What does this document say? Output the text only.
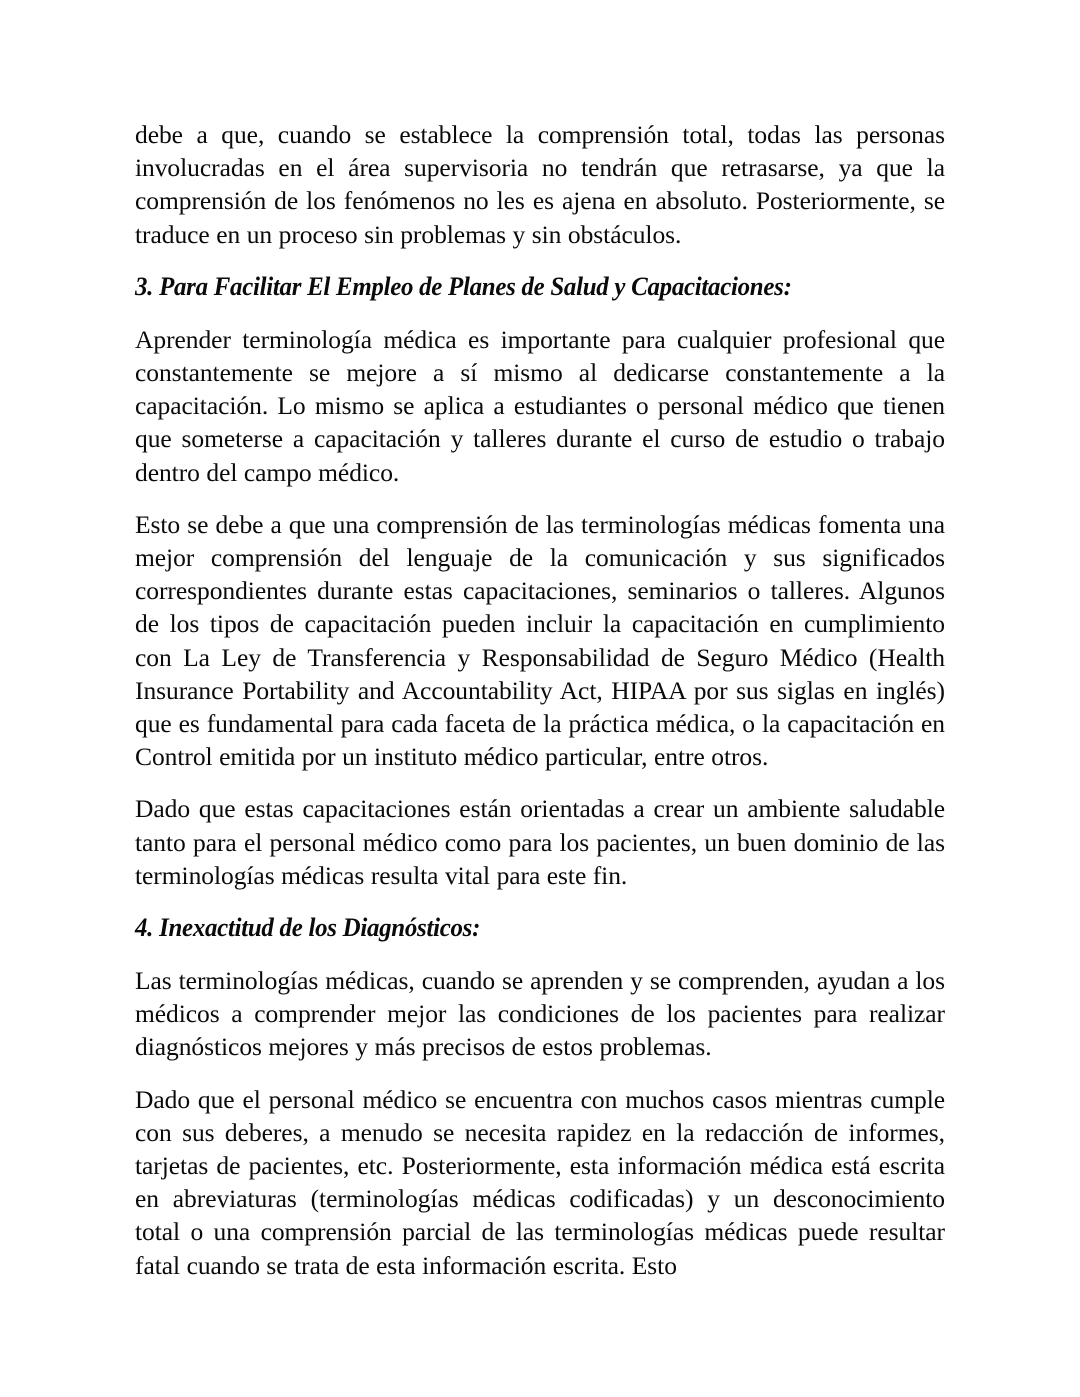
debe a que, cuando se establece la comprensión total, todas las personas involucradas en el área supervisoria no tendrán que retrasarse, ya que la comprensión de los fenómenos no les es ajena en absoluto. Posteriormente, se traduce en un proceso sin problemas y sin obstáculos.

3. Para Facilitar El Empleo de Planes de Salud y Capacitaciones:

Aprender terminología médica es importante para cualquier profesional que constantemente se mejore a sí mismo al dedicarse constantemente a la capacitación. Lo mismo se aplica a estudiantes o personal médico que tienen que someterse a capacitación y talleres durante el curso de estudio o trabajo dentro del campo médico.

Esto se debe a que una comprensión de las terminologías médicas fomenta una mejor comprensión del lenguaje de la comunicación y sus significados correspondientes durante estas capacitaciones, seminarios o talleres. Algunos de los tipos de capacitación pueden incluir la capacitación en cumplimiento con La Ley de Transferencia y Responsabilidad de Seguro Médico (Health Insurance Portability and Accountability Act, HIPAA por sus siglas en inglés) que es fundamental para cada faceta de la práctica médica, o la capacitación en Control emitida por un instituto médico particular, entre otros.

Dado que estas capacitaciones están orientadas a crear un ambiente saludable tanto para el personal médico como para los pacientes, un buen dominio de las terminologías médicas resulta vital para este fin.

4. Inexactitud de los Diagnósticos:

Las terminologías médicas, cuando se aprenden y se comprenden, ayudan a los médicos a comprender mejor las condiciones de los pacientes para realizar diagnósticos mejores y más precisos de estos problemas.

Dado que el personal médico se encuentra con muchos casos mientras cumple con sus deberes, a menudo se necesita rapidez en la redacción de informes, tarjetas de pacientes, etc. Posteriormente, esta información médica está escrita en abreviaturas (terminologías médicas codificadas) y un desconocimiento total o una comprensión parcial de las terminologías médicas puede resultar fatal cuando se trata de esta información escrita. Esto
